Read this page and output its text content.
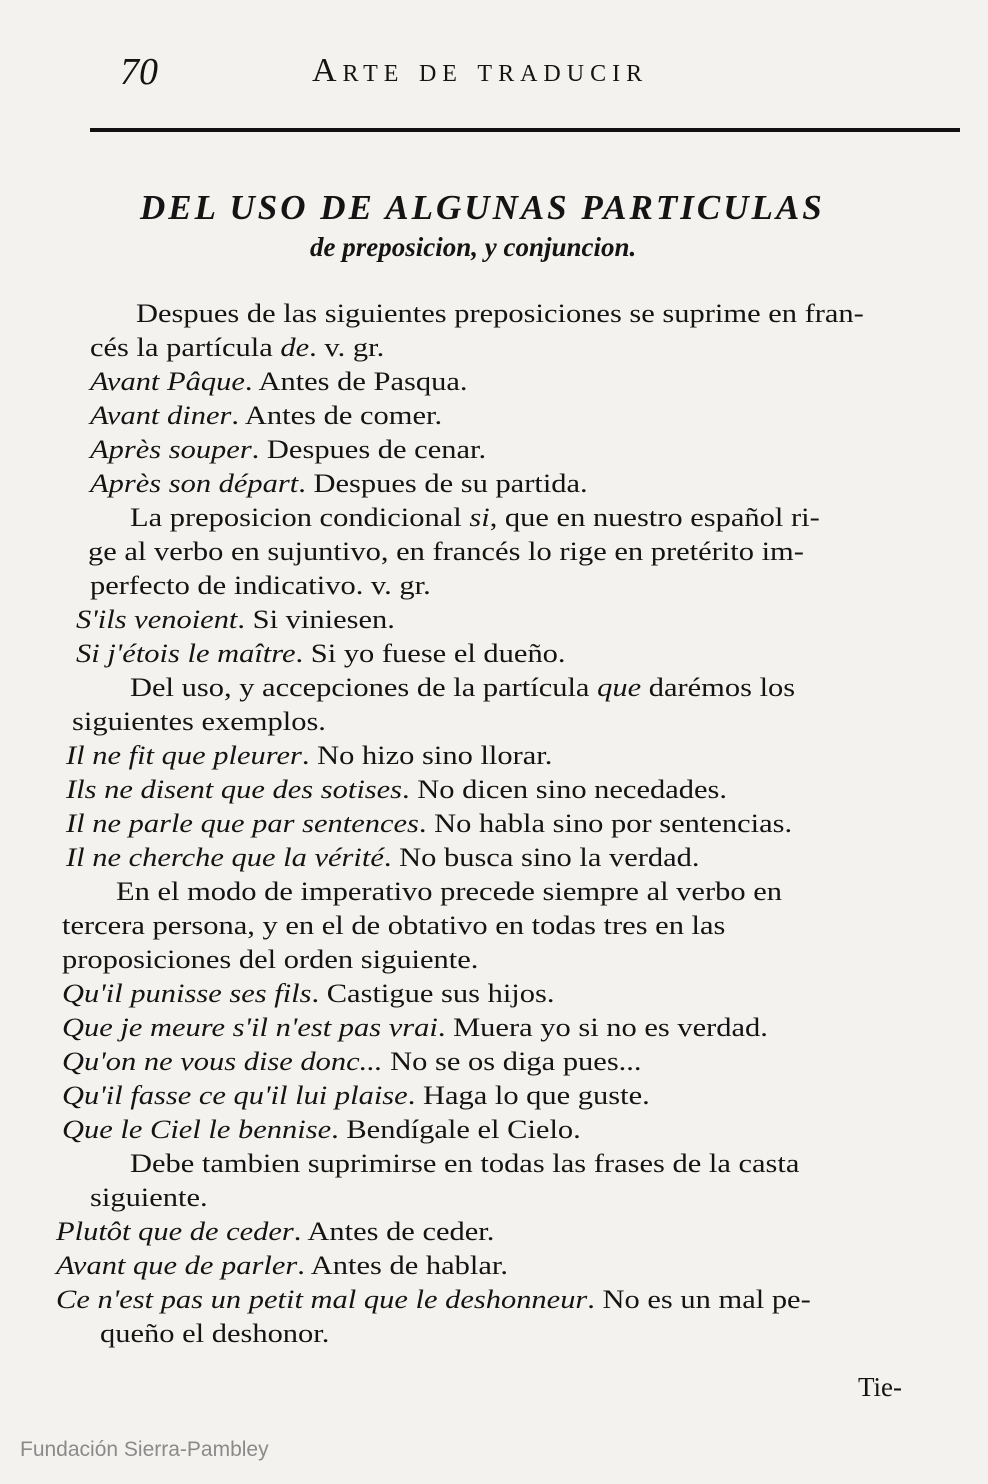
70	Arte de traducir
DEL USO DE ALGUNAS PARTICULAS
de preposicion, y conjuncion.
Despues de las siguientes preposiciones se suprime en fran-
cés la partícula de. v. gr.
Avant Pâque. Antes de Pasqua.
Avant diner. Antes de comer.
Après souper. Despues de cenar.
Après son départ. Despues de su partida.
La preposicion condicional si, que en nuestro español ri-
ge al verbo en sujuntivo, en francés lo rige en pretérito im-
perfecto de indicativo. v. gr.
S'ils venoient. Si viniesen.
Si j'étois le maître. Si yo fuese el dueño.
Del uso, y accepciones de la partícula que darémos los
siguientes exemplos.
Il ne fit que pleurer. No hizo sino llorar.
Ils ne disent que des sotises. No dicen sino necedades.
Il ne parle que par sentences. No habla sino por sentencias.
Il ne cherche que la vérité. No busca sino la verdad.
En el modo de imperativo precede siempre al verbo en
tercera persona, y en el de obtativo en todas tres en las
proposiciones del orden siguiente.
Qu'il punisse ses fils. Castigue sus hijos.
Que je meure s'il n'est pas vrai. Muera yo si no es verdad.
Qu'on ne vous dise donc... No se os diga pues...
Qu'il fasse ce qu'il lui plaise. Haga lo que guste.
Que le Ciel le bennise. Bendígale el Cielo.
Debe tambien suprimirse en todas las frases de la casta
siguiente.
Plutôt que de ceder. Antes de ceder.
Avant que de parler. Antes de hablar.
Ce n'est pas un petit mal que le deshonneur. No es un mal pe-
queño el deshonor.
Tie-
Fundación Sierra-Pambley
